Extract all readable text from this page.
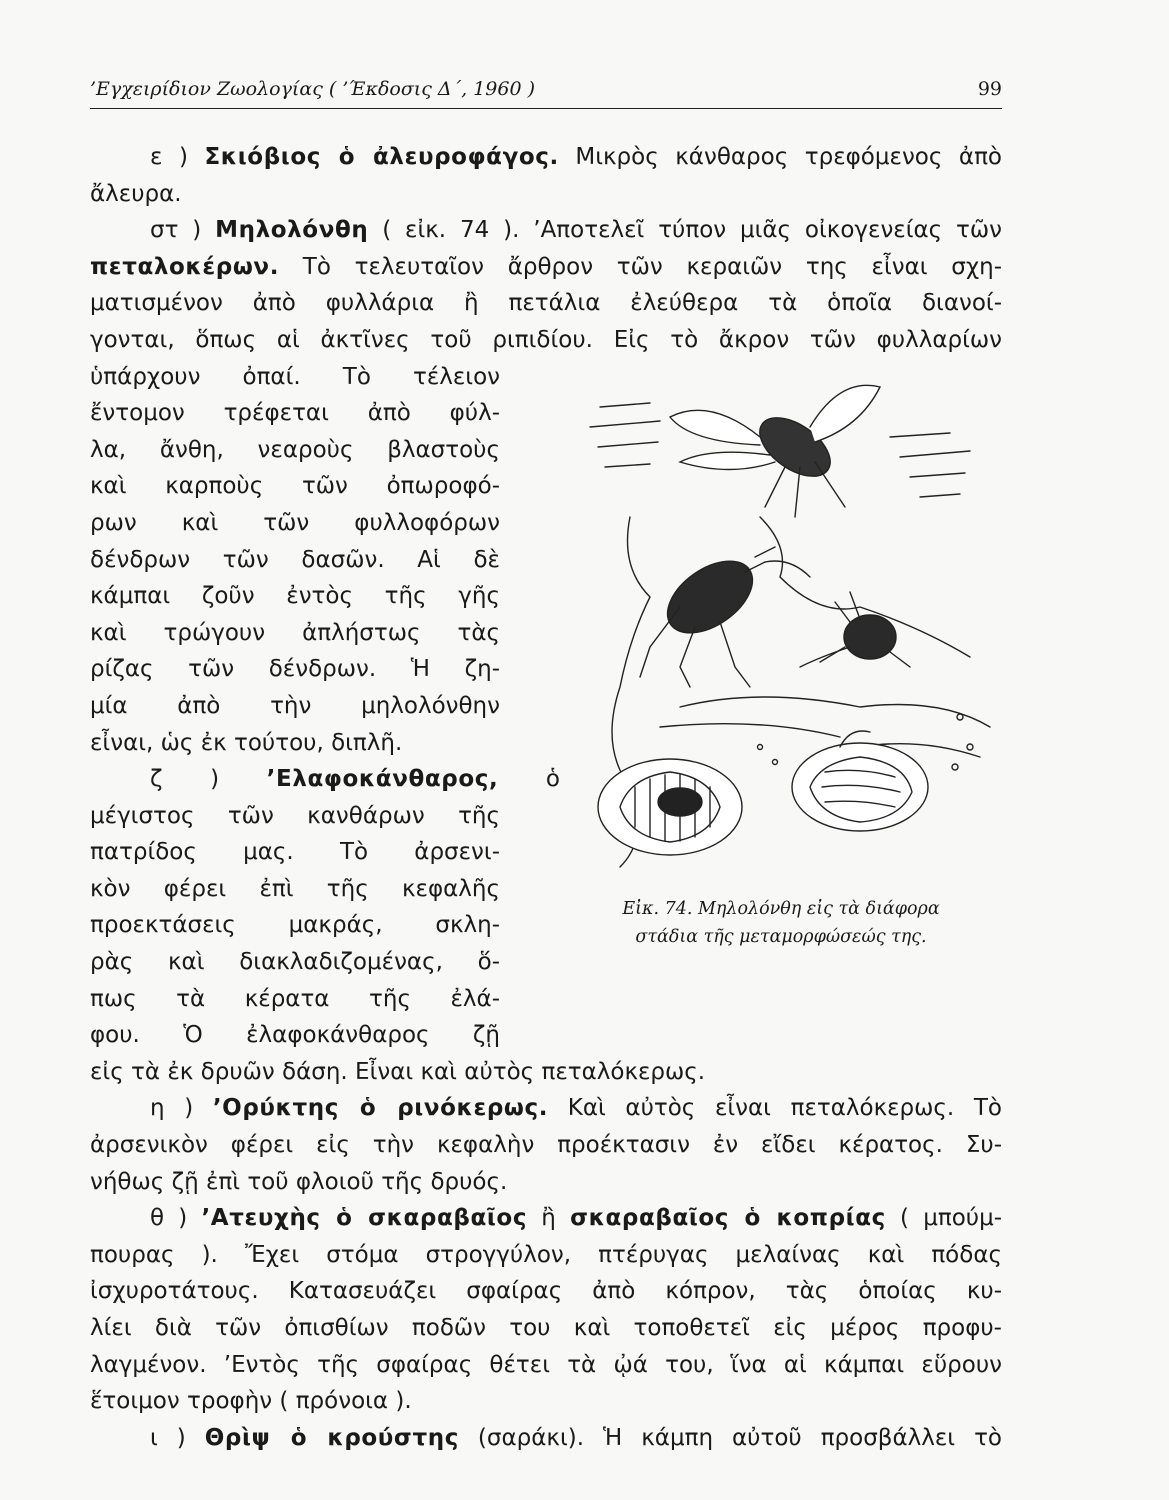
’Εγχειρίδιον Ζωολογίας ( ’Έκδοσις Δ΄, 1960 )	99
ε ) Σκιόβιος ὁ ἀλευροφάγος. Μικρὸς κάνθαρος τρεφόμενος ἀπὸ
ἄλευρα.
στ ) Μηλολόνθη ( εἰκ. 74 ). ’Αποτελεῖ τύπον μιᾶς οἰκογενείας τῶν
πεταλοκέρων. Τὸ τελευταῖον ἄρθρον τῶν κεραιῶν της εἶναι σχη-
ματισμένον ἀπὸ φυλλάρια ἢ πετάλια ἐλεύθερα τὰ ὁποῖα διανοί-
γονται, ὅπως αἱ ἀκτῖνες τοῦ ριπιδίου. Εἰς τὸ ἄκρον τῶν φυλλαρίων
ὑπάρχουν ὀπαί. Τὸ τέλειον
ἔντομον τρέφεται ἀπὸ φύλ-
λα, ἄνθη, νεαροὺς βλαστοὺς
καὶ καρποὺς τῶν ὀπωροφό-
ρων καὶ τῶν φυλλοφόρων
δένδρων τῶν δασῶν. Αἱ δὲ
κάμπαι ζοῦν ἐντὸς τῆς γῆς
καὶ τρώγουν ἀπλήστως τὰς
ρίζας τῶν δένδρων. Ἡ ζη-
μία ἀπὸ τὴν μηλολόνθην
εἶναι, ὡς ἐκ τούτου, διπλῆ.
ζ ) ’Ελαφοκάνθαρος, ὁ
μέγιστος τῶν κανθάρων τῆς
πατρίδος μας. Τὸ ἀρσενι-
κὸν φέρει ἐπὶ τῆς κεφαλῆς
προεκτάσεις μακράς, σκλη-
ρὰς καὶ διακλαδιζομένας, ὅ-
πως τὰ κέρατα τῆς ἐλά-
φου. Ὁ ἐλαφοκάνθαρος ζῇ
Εἰκ. 74. Μηλολόνθη εἰς τὰ διάφορα
στάδια τῆς μεταμορφώσεώς της.
εἰς τὰ ἐκ δρυῶν δάση. Εἶναι καὶ αὐτὸς πεταλόκερως.
η ) ’Ορύκτης ὁ ρινόκερως. Καὶ αὐτὸς εἶναι πεταλόκερως. Τὸ
ἀρσενικὸν φέρει εἰς τὴν κεφαλὴν προέκτασιν ἐν εἴδει κέρατος. Συ-
νήθως ζῇ ἐπὶ τοῦ φλοιοῦ τῆς δρυός.
θ ) ’Ατευχὴς ὁ σκαραβαῖος ἢ σκαραβαῖος ὁ κοπρίας ( μπούμ-
πουρας ). Ἔχει στόμα στρογγύλον, πτέρυγας μελαίνας καὶ πόδας
ἰσχυροτάτους. Κατασευάζει σφαίρας ἀπὸ κόπρον, τὰς ὁποίας κυ-
λίει διὰ τῶν ὀπισθίων ποδῶν του καὶ τοποθετεῖ εἰς μέρος προφυ-
λαγμένον. ’Εντὸς τῆς σφαίρας θέτει τὰ ᾠά του, ἵνα αἱ κάμπαι εὕρουν
ἕτοιμον τροφὴν ( πρόνοια ).
ι ) Θρὶψ ὁ κρούστης (σαράκι). Ἡ κάμπη αὐτοῦ προσβάλλει τὸ
